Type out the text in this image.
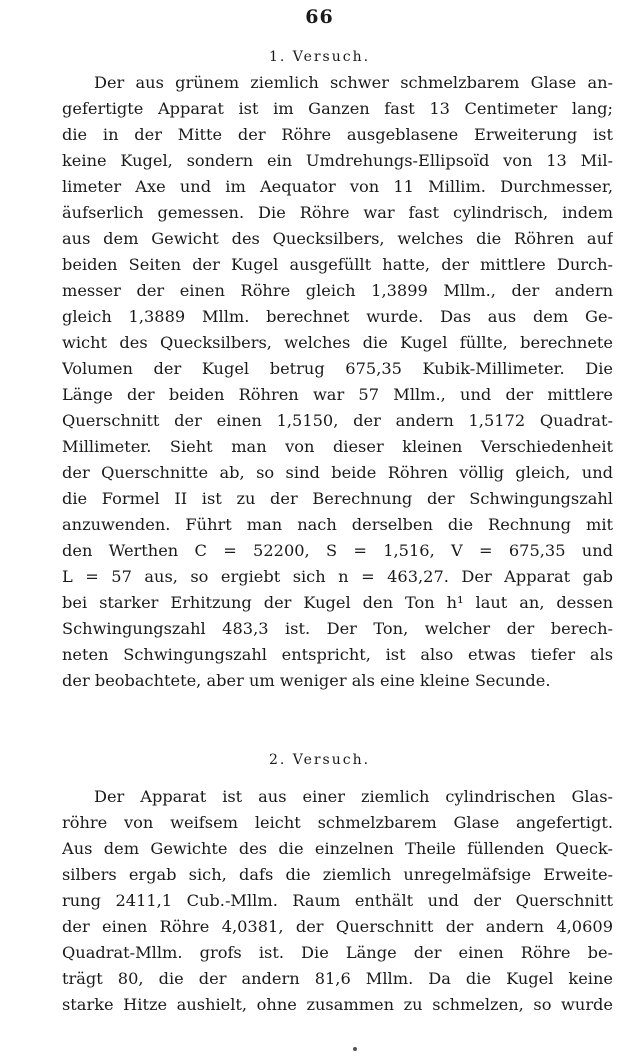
66
1. Versuch.
Der aus grünem ziemlich schwer schmelzbarem Glase an-
gefertigte Apparat ist im Ganzen fast 13 Centimeter lang;
die in der Mitte der Röhre ausgeblasene Erweiterung ist
keine Kugel, sondern ein Umdrehungs-Ellipsoïd von 13 Mil-
limeter Axe und im Aequator von 11 Millim. Durchmesser,
äufserlich gemessen. Die Röhre war fast cylindrisch, indem
aus dem Gewicht des Quecksilbers, welches die Röhren auf
beiden Seiten der Kugel ausgefüllt hatte, der mittlere Durch-
messer der einen Röhre gleich 1,3899 Mllm., der andern
gleich 1,3889 Mllm. berechnet wurde. Das aus dem Ge-
wicht des Quecksilbers, welches die Kugel füllte, berechnete
Volumen der Kugel betrug 675,35 Kubik-Millimeter. Die
Länge der beiden Röhren war 57 Mllm., und der mittlere
Querschnitt der einen 1,5150, der andern 1,5172 Quadrat-
Millimeter. Sieht man von dieser kleinen Verschiedenheit
der Querschnitte ab, so sind beide Röhren völlig gleich, und
die Formel II ist zu der Berechnung der Schwingungszahl
anzuwenden. Führt man nach derselben die Rechnung mit
den Werthen C = 52200, S = 1,516, V = 675,35 und
L = 57 aus, so ergiebt sich n = 463,27. Der Apparat gab
bei starker Erhitzung der Kugel den Ton h¹ laut an, dessen
Schwingungszahl 483,3 ist. Der Ton, welcher der berech-
neten Schwingungszahl entspricht, ist also etwas tiefer als
der beobachtete, aber um weniger als eine kleine Secunde.
2. Versuch.
Der Apparat ist aus einer ziemlich cylindrischen Glas-
röhre von weifsem leicht schmelzbarem Glase angefertigt.
Aus dem Gewichte des die einzelnen Theile füllenden Queck-
silbers ergab sich, dafs die ziemlich unregelmäfsige Erweite-
rung 2411,1 Cub.-Mllm. Raum enthält und der Querschnitt
der einen Röhre 4,0381, der Querschnitt der andern 4,0609
Quadrat-Mllm. grofs ist. Die Länge der einen Röhre be-
trägt 80, die der andern 81,6 Mllm. Da die Kugel keine
starke Hitze aushielt, ohne zusammen zu schmelzen, so wurde
